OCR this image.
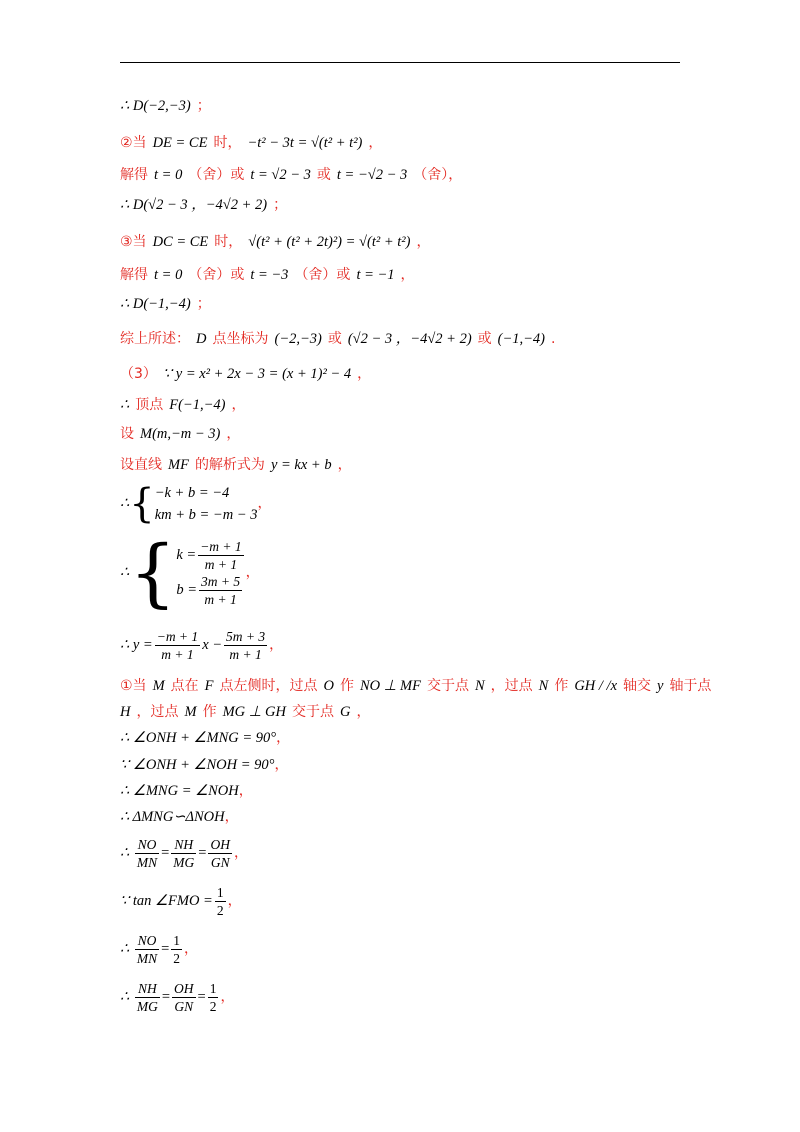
∴ D(−2,−3) ；
②当 DE = CE 时， −t² − 3t = √(t² + t²) ，
解得 t = 0 （舍）或 t = √2 − 3 或 t = −√2 − 3 （舍），
∴ D(√2 − 3 ，−4√2 + 2) ；
③当 DC = CE 时， √(t² + (t² + 2t)²) = √(t² + t²) ，
解得 t = 0 （舍）或 t = −3 （舍）或 t = −1 ，
∴ D(−1,−4) ；
综上所述： D 点坐标为 (−2,−3) 或 (√2 − 3 ，−4√2 + 2) 或 (−1,−4) .
（3） ∵ y = x² + 2x − 3 = (x + 1)² − 4 ，
∴ 顶点 F(−1,−4) ，
设 M(m,−m − 3) ，
设直线 MF 的解析式为 y = kx + b ，
∴{ −k + b = −4
km + b = −m − 3
，
∴{ $k = \frac{-m + 1}{m + 1}$
$b = \frac{3m + 5}{m + 1}$
，
∴ $y = \frac{-m + 1}{m + 1}$ $x - \frac{5m + 3}{m + 1}$ ，
①当 M 点在 F 点左侧时，过点 O 作 NO ⊥ MF 交于点 N ，过点 N 作 GH / /x 轴交 y 轴于点
H ，过点 M 作 MG ⊥ GH 交于点 G ，
∴ ∠ONH + ∠MNG = 90°，
∵ ∠ONH + ∠NOH = 90°，
∴ ∠MNG = ∠NOH，
∴ ΔMNG∽ΔNOH，
∴ $\frac{NO}{MN} = \frac{NH}{MG} = \frac{OH}{GN}$ ，
∵ tan ∠FMO = $\frac{1}{2}$ ，
∴ $\frac{NO}{MN} = \frac{1}{2}$ ，
∴ $\frac{NH}{MG} = \frac{OH}{GN} = \frac{1}{2}$ ，
